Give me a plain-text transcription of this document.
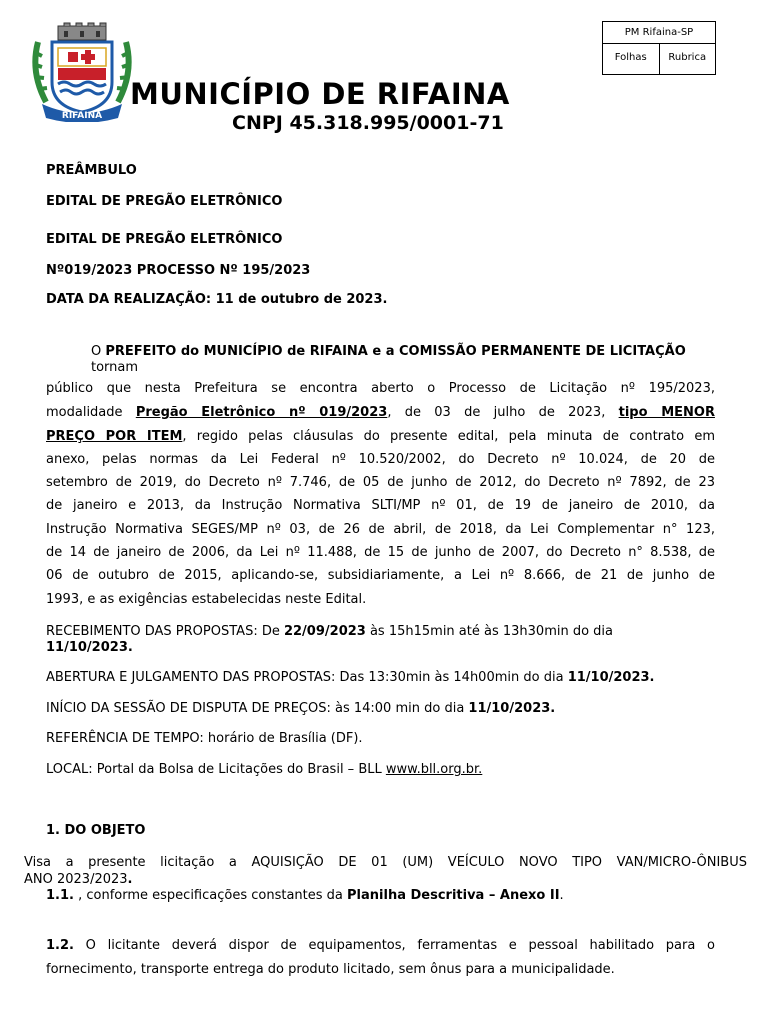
RIFAINA
PM Rifaina-SP
Folhas	Rubrica
MUNICÍPIO DE RIFAINA
CNPJ 45.318.995/0001-71
PREÂMBULO
EDITAL DE PREGÃO ELETRÔNICO
EDITAL DE PREGÃO ELETRÔNICO
Nº019/2023 PROCESSO Nº 195/2023
DATA DA REALIZAÇÃO: 11 de outubro de 2023.
O PREFEITO do MUNICÍPIO de RIFAINA e a COMISSÃO PERMANENTE DE LICITAÇÃO tornam
público que nesta Prefeitura se encontra aberto o Processo de Licitação nº 195/2023,
modalidade Pregão Eletrônico nº 019/2023, de 03 de julho de 2023, tipo MENOR
PREÇO POR ITEM, regido pelas cláusulas do presente edital, pela minuta de contrato em
anexo, pelas normas da Lei Federal nº 10.520/2002, do Decreto nº 10.024, de 20 de
setembro de 2019, do Decreto nº 7.746, de 05 de junho de 2012, do Decreto nº 7892, de 23
de janeiro e 2013, da Instrução Normativa SLTI/MP nº 01, de 19 de janeiro de 2010, da
Instrução Normativa SEGES/MP nº 03, de 26 de abril, de 2018, da Lei Complementar n° 123,
de 14 de janeiro de 2006, da Lei nº 11.488, de 15 de junho de 2007, do Decreto n° 8.538, de
06 de outubro de 2015, aplicando-se, subsidiariamente, a Lei nº 8.666, de 21 de junho de
1993, e as exigências estabelecidas neste Edital.
RECEBIMENTO DAS PROPOSTAS: De 22/09/2023 às 15h15min até às 13h30min do dia
11/10/2023.
ABERTURA E JULGAMENTO DAS PROPOSTAS: Das 13:30min às 14h00min do dia 11/10/2023.
INÍCIO DA SESSÃO DE DISPUTA DE PREÇOS: às 14:00 min do dia 11/10/2023.
REFERÊNCIA DE TEMPO: horário de Brasília (DF).
LOCAL: Portal da Bolsa de Licitações do Brasil – BLL www.bll.org.br.
1. DO OBJETO
Visa a presente licitação a AQUISIÇÃO DE 01 (UM) VEÍCULO NOVO TIPO VAN/MICRO-ÔNIBUS
ANO 2023/2023.
1.1. , conforme especificações constantes da Planilha Descritiva – Anexo II.
1.2. O licitante deverá dispor de equipamentos, ferramentas e pessoal habilitado para o
fornecimento, transporte entrega do produto licitado, sem ônus para a municipalidade.
